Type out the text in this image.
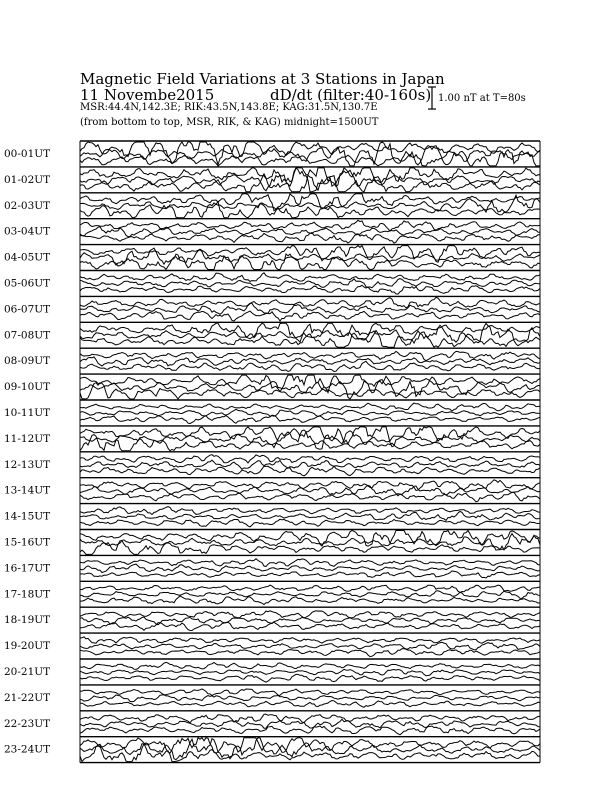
Magnetic Field Variations at 3 Stations in Japan
11 Novembe2015	dD/dt (filter:40-160s)
MSR:44.4N,142.3E; RIK:43.5N,143.8E; KAG:31.5N,130.7E
(from bottom to top, MSR, RIK, & KAG) midnight=1500UT
1.00 nT at T=80s
00-01UT
01-02UT
02-03UT
03-04UT
04-05UT
05-06UT
06-07UT
07-08UT
08-09UT
09-10UT
10-11UT
11-12UT
12-13UT
13-14UT
14-15UT
15-16UT
16-17UT
17-18UT
18-19UT
19-20UT
20-21UT
21-22UT
22-23UT
23-24UT
